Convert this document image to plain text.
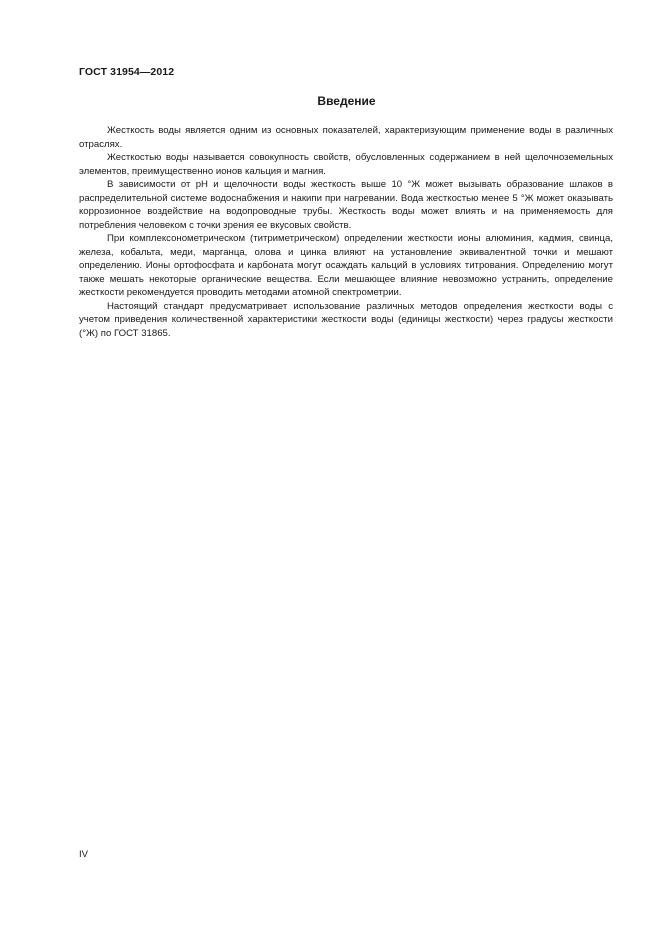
ГОСТ 31954—2012
Введение

Жесткость воды является одним из основных показателей, характеризующим применение воды в различных отраслях.

Жесткостью воды называется совокупность свойств, обусловленных содержанием в ней щелочноземельных элементов, преимущественно ионов кальция и магния.

В зависимости от рН и щелочности воды жесткость выше 10 °Ж может вызывать образование шлаков в распределительной системе водоснабжения и накипи при нагревании. Вода жесткостью менее 5 °Ж может оказывать коррозионное воздействие на водопроводные трубы. Жесткость воды может влиять и на применяемость для потребления человеком с точки зрения ее вкусовых свойств.

При комплексонометрическом (титриметрическом) определении жесткости ионы алюминия, кадмия, свинца, железа, кобальта, меди, марганца, олова и цинка влияют на установление эквивалентной точки и мешают определению. Ионы ортофосфата и карбоната могут осаждать кальций в условиях титрования. Определению могут также мешать некоторые органические вещества. Если мешающее влияние невозможно устранить, определение жесткости рекомендуется проводить методами атомной спектрометрии.

Настоящий стандарт предусматривает использование различных методов определения жесткости воды с учетом приведения количественной характеристики жесткости воды (единицы жесткости) через градусы жесткости (°Ж) по ГОСТ 31865.

IV
